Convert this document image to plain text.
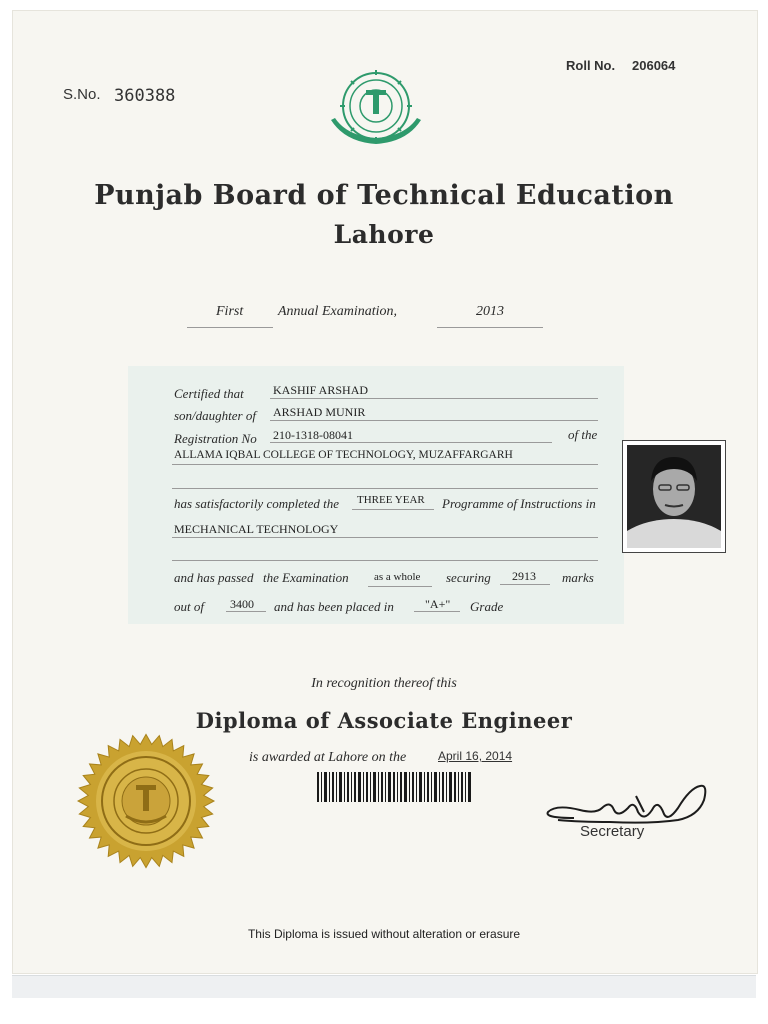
S.No. 360388
Roll No. 206064
Punjab Board of Technical Education
Lahore
First Annual Examination,	2013
Certified that KASHIF ARSHAD
son/daughter of ARSHAD MUNIR
Registration No 210-1318-08041	of the
ALLAMA IQBAL COLLEGE OF TECHNOLOGY, MUZAFFARGARH
has satisfactorily completed the THREE YEAR Programme of Instructions in
MECHANICAL TECHNOLOGY
and has passed the Examination as a whole securing 2913 marks
out of 3400 and has been placed in	"A+" Grade
In recognition thereof this
Diploma of Associate Engineer
is awarded at Lahore on the	April 16, 2014
Secretary
This Diploma is issued without alteration or erasure
